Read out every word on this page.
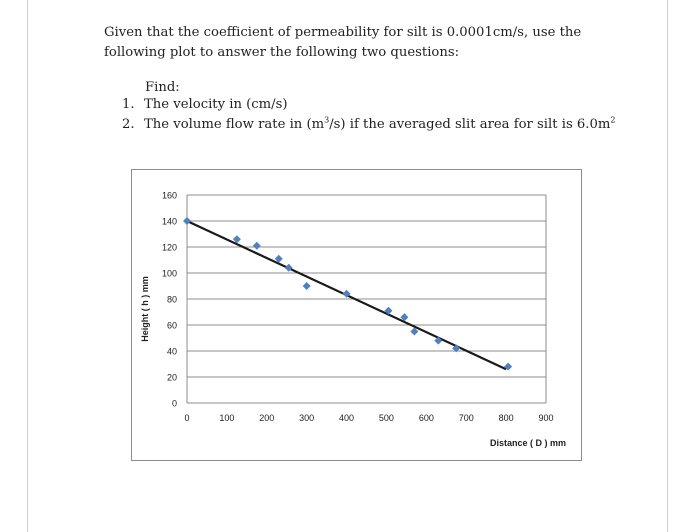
Given that the coefficient of permeability for silt is 0.0001cm/s, use the
following plot to answer the following two questions:
Find:
1. The velocity in (cm/s)
2. The volume flow rate in $(m^3/s)$ if the averaged slit area for silt is $6.0m^2$
0
20
40
60
80
100
120
140
160
0	100	200	300	400	500	600	700	800	900
Distance ( D ) mm
Height ( h ) mm
